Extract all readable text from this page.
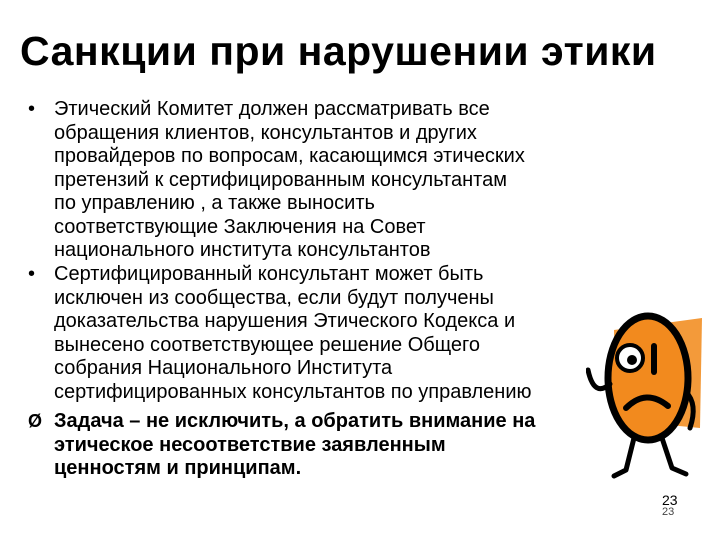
Санкции при нарушении этики
• Этический Комитет должен рассматривать все
обращения клиентов, консультантов и других
провайдеров по вопросам, касающимся этических
претензий к сертифицированным консультантам
по управлению , а также выносить
соответствующие Заключения на Совет
национального института консультантов
• Сертифицированный консультант может быть
исключен из сообщества, если будут получены
доказательства нарушения Этического Кодекса и
вынесено соответствующее решение Общего
собрания Национального Института
сертифицированных консультантов по управлению
Ø Задача – не исключить, а обратить внимание на
этическое несоответствие заявленным
ценностям и принципам.
23
23
